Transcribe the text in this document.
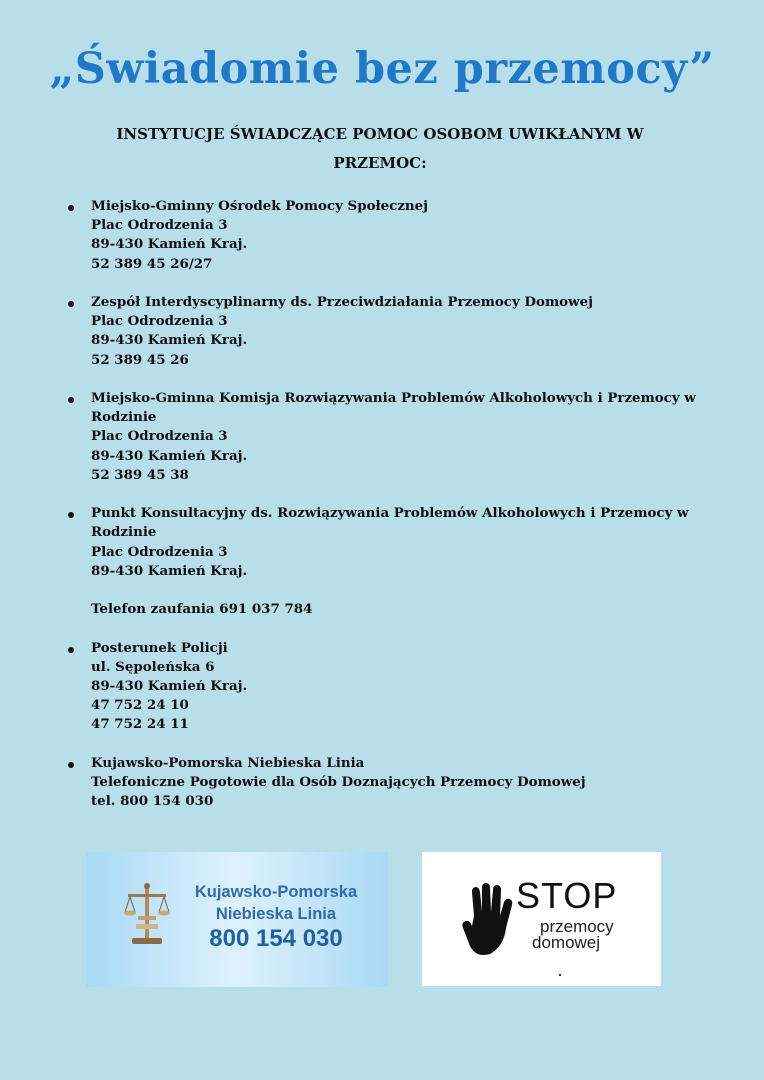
„Świadomie bez przemocy”
INSTYTUCJE ŚWIADCZĄCE POMOC OSOBOM UWIKŁANYM W PRZEMOC:
Miejsko-Gminny Ośrodek Pomocy Społecznej
Plac Odrodzenia 3
89-430 Kamień Kraj.
52 389 45 26/27
Zespół Interdyscyplinarny ds. Przeciwdziałania Przemocy Domowej
Plac Odrodzenia 3
89-430 Kamień Kraj.
52 389 45 26
Miejsko-Gminna Komisja Rozwiązywania Problemów Alkoholowych i Przemocy w
Rodzinie
Plac Odrodzenia 3
89-430 Kamień Kraj.
52 389 45 38
Punkt Konsultacyjny ds. Rozwiązywania Problemów Alkoholowych i Przemocy w
Rodzinie
Plac Odrodzenia 3
89-430 Kamień Kraj.
Telefon zaufania 691 037 784
Posterunek Policji
ul. Sępoleńska 6
89-430 Kamień Kraj.
47 752 24 10
47 752 24 11
Kujawsko-Pomorska Niebieska Linia
Telefoniczne Pogotowie dla Osób Doznających Przemocy Domowej
tel. 800 154 030
Kujawsko-Pomorska
Niebieska Linia
800 154 030
STOP
przemocy
domowej
